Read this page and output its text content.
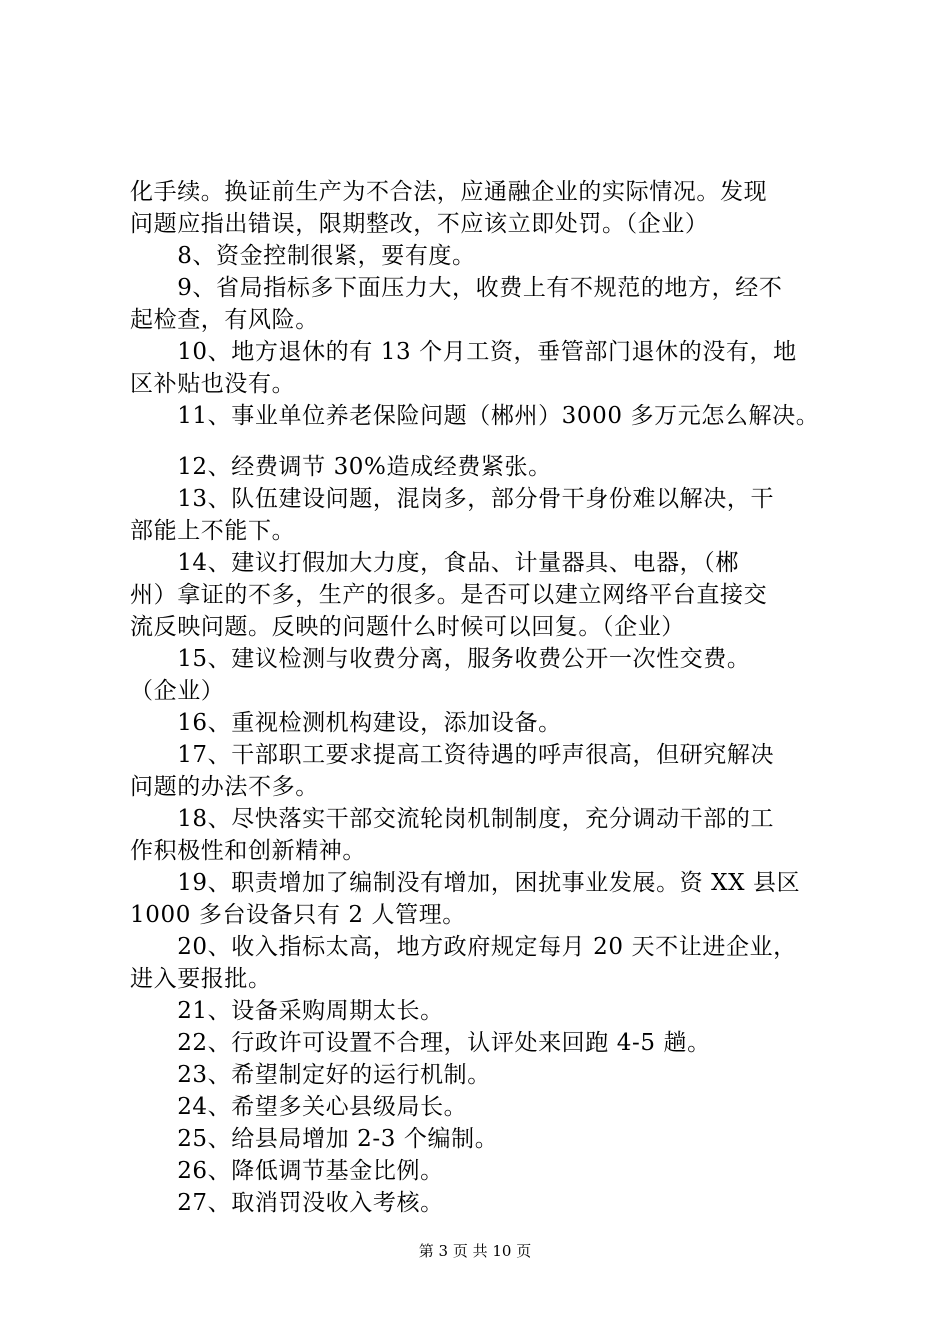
化手续。换证前生产为不合法，应通融企业的实际情况。发现
问题应指出错误，限期整改，不应该立即处罚。（企业）
　　8、资金控制很紧，要有度。
　　9、省局指标多下面压力大，收费上有不规范的地方，经不
起检查，有风险。
　　10、地方退休的有 13 个月工资，垂管部门退休的没有，地
区补贴也没有。
　　11、事业单位养老保险问题（郴州）3000 多万元怎么解决。
　　12、经费调节 30%造成经费紧张。
　　13、队伍建设问题，混岗多，部分骨干身份难以解决，干
部能上不能下。
　　14、建议打假加大力度，食品、计量器具、电器，（郴
州）拿证的不多，生产的很多。是否可以建立网络平台直接交
流反映问题。反映的问题什么时候可以回复。（企业）
　　15、建议检测与收费分离，服务收费公开一次性交费。
（企业）
　　16、重视检测机构建设，添加设备。
　　17、干部职工要求提高工资待遇的呼声很高，但研究解决
问题的办法不多。
　　18、尽快落实干部交流轮岗机制制度，充分调动干部的工
作积极性和创新精神。
　　19、职责增加了编制没有增加，困扰事业发展。资 XX 县区
1000 多台设备只有 2 人管理。
　　20、收入指标太高，地方政府规定每月 20 天不让进企业，
进入要报批。
　　21、设备采购周期太长。
　　22、行政许可设置不合理，认评处来回跑 4-5 趟。
　　23、希望制定好的运行机制。
　　24、希望多关心县级局长。
　　25、给县局增加 2-3 个编制。
　　26、降低调节基金比例。
　　27、取消罚没收入考核。
第 3 页 共 10 页
